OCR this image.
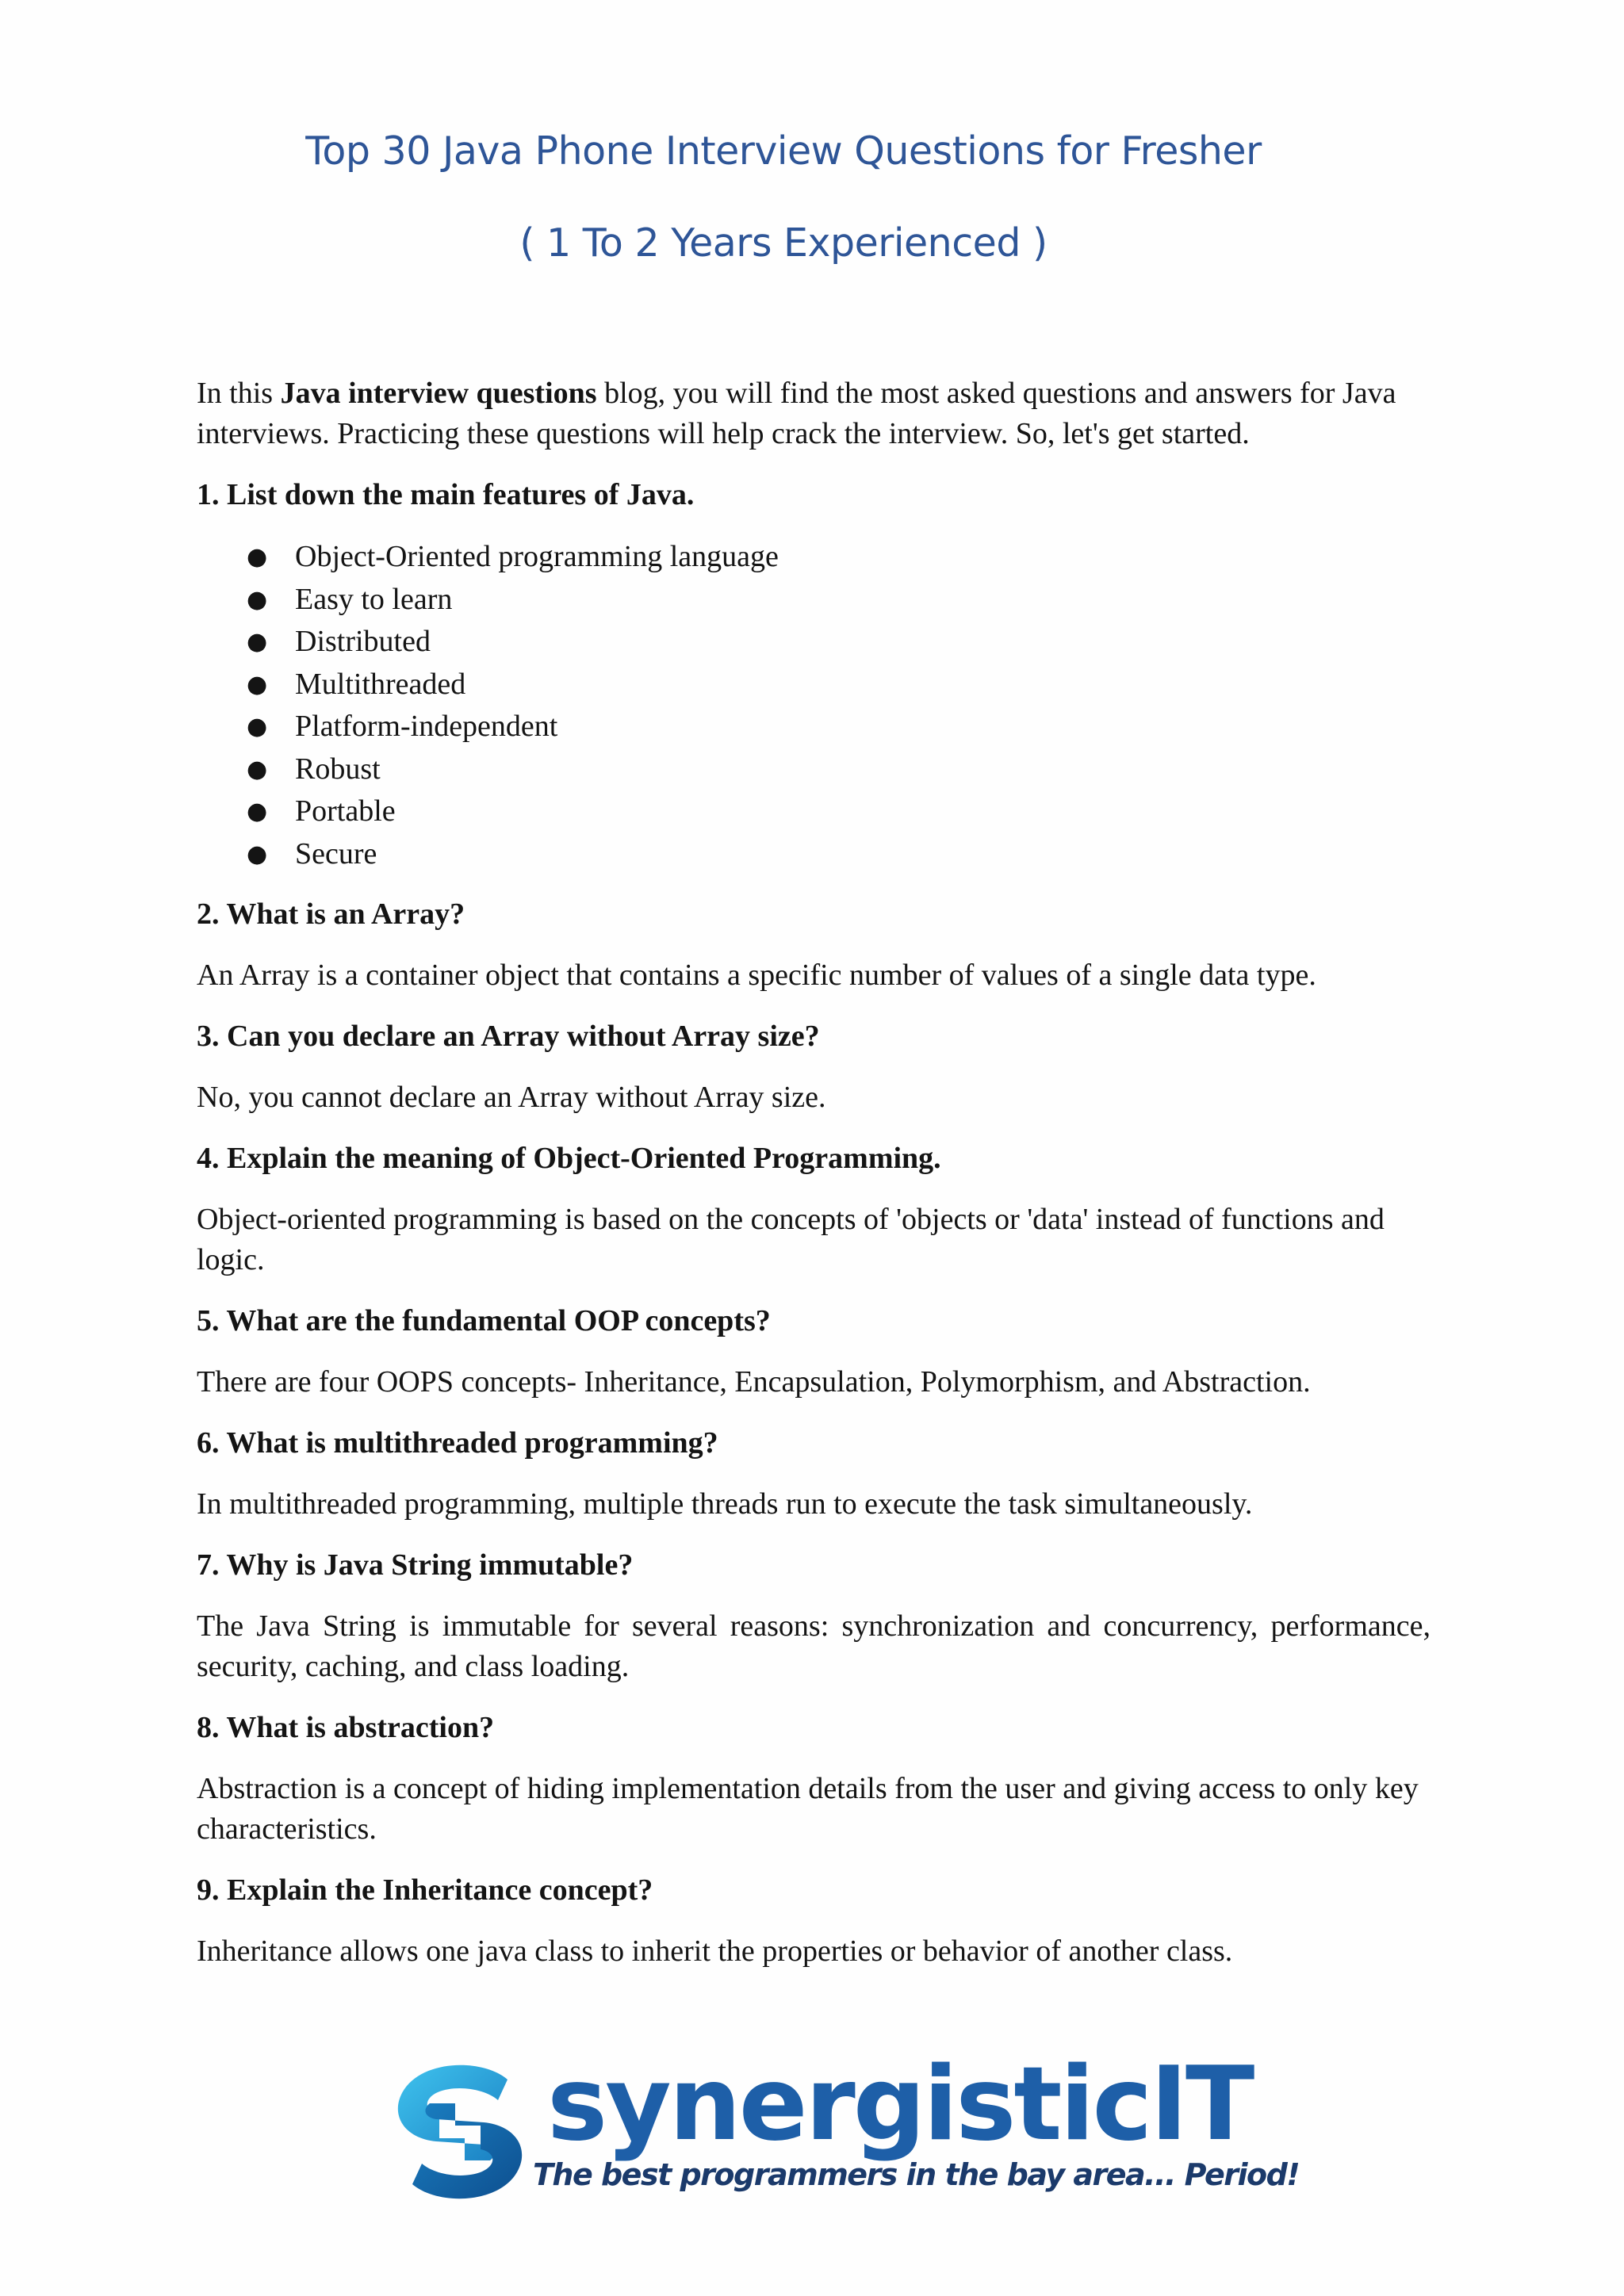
Top 30 Java Phone Interview Questions for Fresher
( 1 To 2 Years Experienced )

In this Java interview questions blog, you will find the most asked questions and answers for Java interviews. Practicing these questions will help crack the interview. So, let's get started.

1. List down the main features of Java.

● Object-Oriented programming language
● Easy to learn
● Distributed
● Multithreaded
● Platform-independent
● Robust
● Portable
● Secure

2. What is an Array?

An Array is a container object that contains a specific number of values of a single data type.

3. Can you declare an Array without Array size?

No, you cannot declare an Array without Array size.

4. Explain the meaning of Object-Oriented Programming.

Object-oriented programming is based on the concepts of 'objects or 'data' instead of functions and logic.

5. What are the fundamental OOP concepts?

There are four OOPS concepts- Inheritance, Encapsulation, Polymorphism, and Abstraction.

6. What is multithreaded programming?

In multithreaded programming, multiple threads run to execute the task simultaneously.

7. Why is Java String immutable?

The Java String is immutable for several reasons: synchronization and concurrency, performance, security, caching, and class loading.

8. What is abstraction?

Abstraction is a concept of hiding implementation details from the user and giving access to only key characteristics.

9. Explain the Inheritance concept?

Inheritance allows one java class to inherit the properties or behavior of another class.

synergisticIT
The best programmers in the bay area... Period!
